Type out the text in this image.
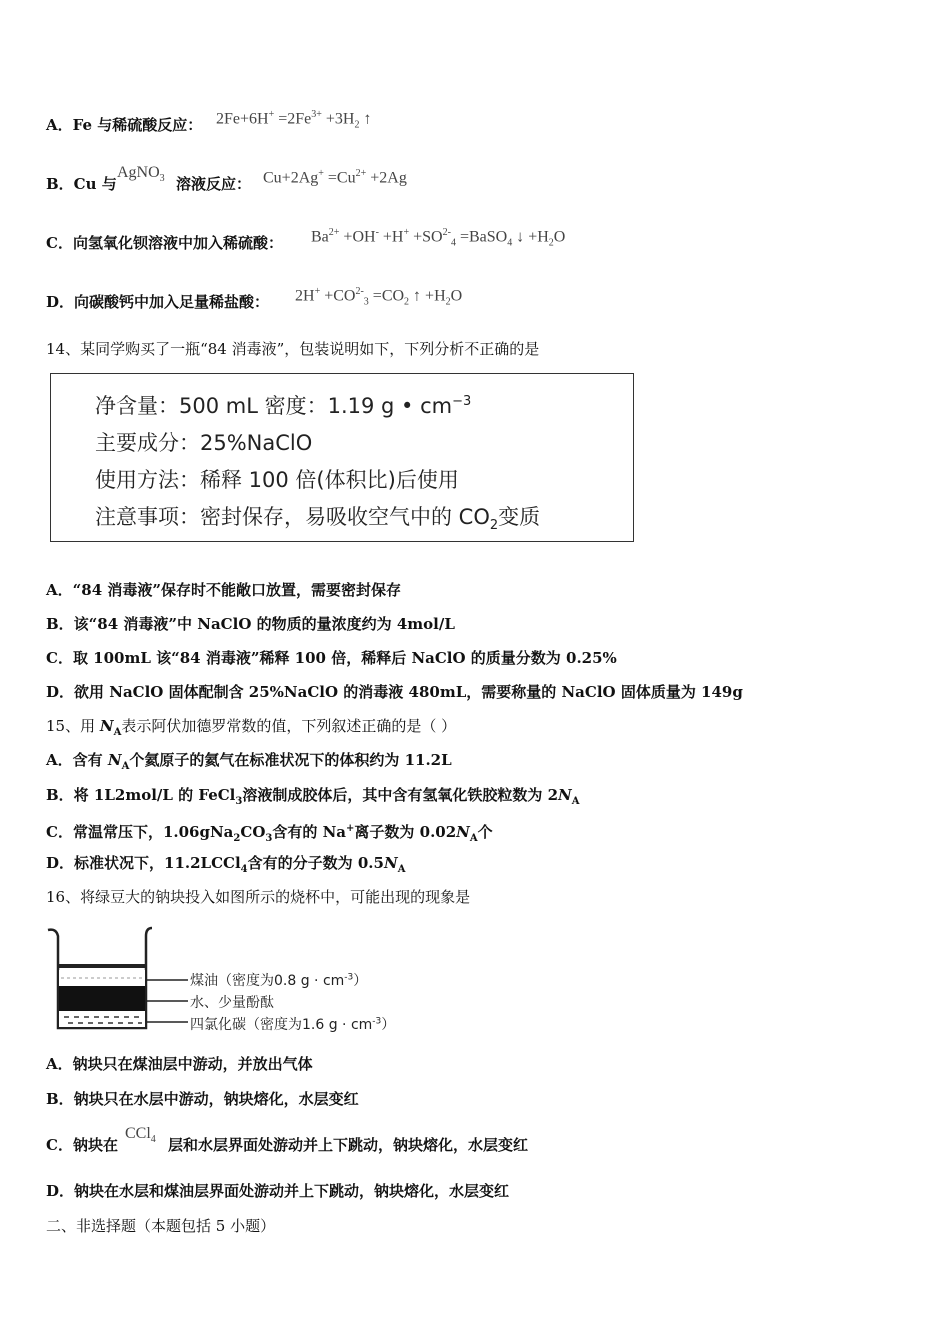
A．Fe 与稀硫酸反应： $2Fe+6H^+ =2Fe^{3+} +3H_2$ ↑
B．Cu 与
AgNO$_3$ 溶液反应： $Cu+2Ag^+ =Cu^{2+} +2Ag$
C．向氢氧化钡溶液中加入稀硫酸： $Ba^{2+} +OH^- +H^+ +SO^{2-}_4$ =BaSO$_4$ ↓ $+H_2O$
D．向碳酸钙中加入足量稀盐酸： $2H^+ +CO^{2-}_3 =CO_2$ ↑ $+H_2O$
14、某同学购买了一瓶“84 消毒液”，包装说明如下，下列分析不正确的是
净含量：500 mL 密度：1.19 g • $cm^{-3}$
主要成分：25%NaClO
使用方法：稀释 100 倍(体积比)后使用
注意事项：密封保存，易吸收空气中的 $CO_2$变质
A．“84 消毒液”保存时不能敞口放置，需要密封保存
B．该“84 消毒液”中 NaClO 的物质的量浓度约为 4mol/L
C．取 100mL 该“84 消毒液”稀释 100 倍，稀释后 NaClO 的质量分数为 0.25%
D．欲用 NaClO 固体配制含 25%NaClO 的消毒液 480mL，需要称量的 NaClO 固体质量为 149g
15、用 $N_A$表示阿伏加德罗常数的值，下列叙述正确的是（ ）
A．含有 $N_A$个氦原子的氦气在标准状况下的体积约为 11.2L
B．将 1L2mol/L 的 FeCl$_3$溶液制成胶体后，其中含有氢氧化铁胶粒数为 $2N_A$
C．常温常压下，$1.06gNa_2CO_3$含有的 Na+离子数为 $0.02N_A$个
D．标准状况下，11.2LCCl$_4$含有的分子数为 $0.5N_A$
16、将绿豆大的钠块投入如图所示的烧杯中，可能出现的现象是
煤油（密度为0.8 $g \cdot cm^{-3}$）
水、少量酚酞
四氯化碳（密度为1.6 $g \cdot cm^{-3}$）
A．钠块只在煤油层中游动，并放出气体
B．钠块只在水层中游动，钠块熔化，水层变红
C．钠块在
CCl$_4$ 层和水层界面处游动并上下跳动，钠块熔化，水层变红
D．钠块在水层和煤油层界面处游动并上下跳动，钠块熔化，水层变红
二、非选择题（本题包括 5 小题）
